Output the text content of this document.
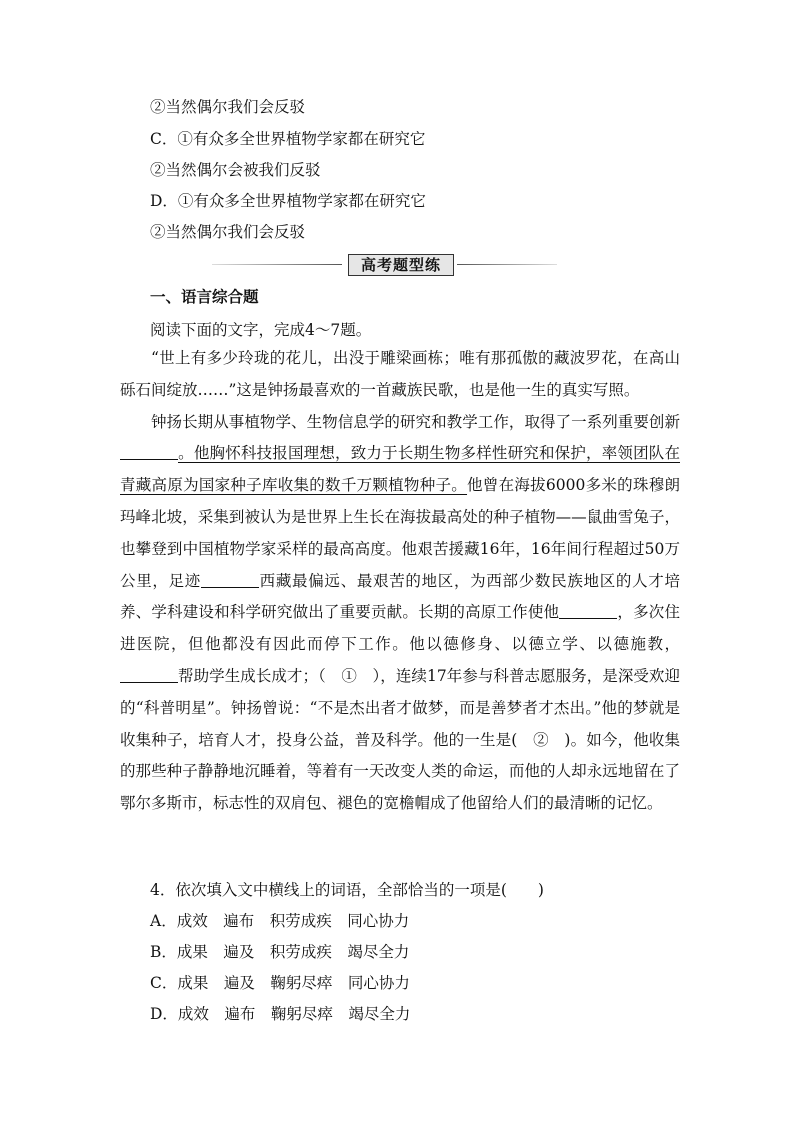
②当然偶尔我们会反驳
C．①有众多全世界植物学家都在研究它
②当然偶尔会被我们反驳
D．①有众多全世界植物学家都在研究它
②当然偶尔我们会反驳
高考题型练
一、语言综合题
阅读下面的文字，完成4～7题。

“世上有多少玲珑的花儿，出没于雕梁画栋；唯有那孤傲的藏波罗花，在高山砾石间绽放……”这是钟扬最喜欢的一首藏族民歌，也是他一生的真实写照。

钟扬长期从事植物学、生物信息学的研究和教学工作，取得了一系列重要创新。他胸怀科技报国理想，致力于长期生物多样性研究和保护，率领团队在青藏高原为国家种子库收集的数千万颗植物种子。他曾在海拔6000多米的珠穆朗玛峰北坡，采集到被认为是世界上生长在海拔最高处的种子植物——鼠曲雪兔子，也攀登到中国植物学家采样的最高高度。他艰苦援藏16年，16年间行程超过50万公里，足迹	西藏最偏远、最艰苦的地区，为西部少数民族地区的人才培养、学科建设和科学研究做出了重要贡献。长期的高原工作使他	，多次住进医院，但他都没有因此而停下工作。他以德修身、以德立学、以德施教，帮助学生成长成才；（　①　），连续17年参与科普志愿服务，是深受欢迎的“科普明星”。钟扬曾说：“不是杰出者才做梦，而是善梦者才杰出。”他的梦就是收集种子，培育人才，投身公益，普及科学。他的一生是(　②　)。如今，他收集的那些种子静静地沉睡着，等着有一天改变人类的命运，而他的人却永远地留在了鄂尔多斯市，标志性的双肩包、褪色的宽檐帽成了他留给人们的最清晰的记忆。

4．依次填入文中横线上的词语，全部恰当的一项是(　　)
A．成效　遍布　积劳成疾　同心协力
B．成果　遍及　积劳成疾　竭尽全力
C．成果　遍及　鞠躬尽瘁　同心协力
D．成效　遍布　鞠躬尽瘁　竭尽全力
